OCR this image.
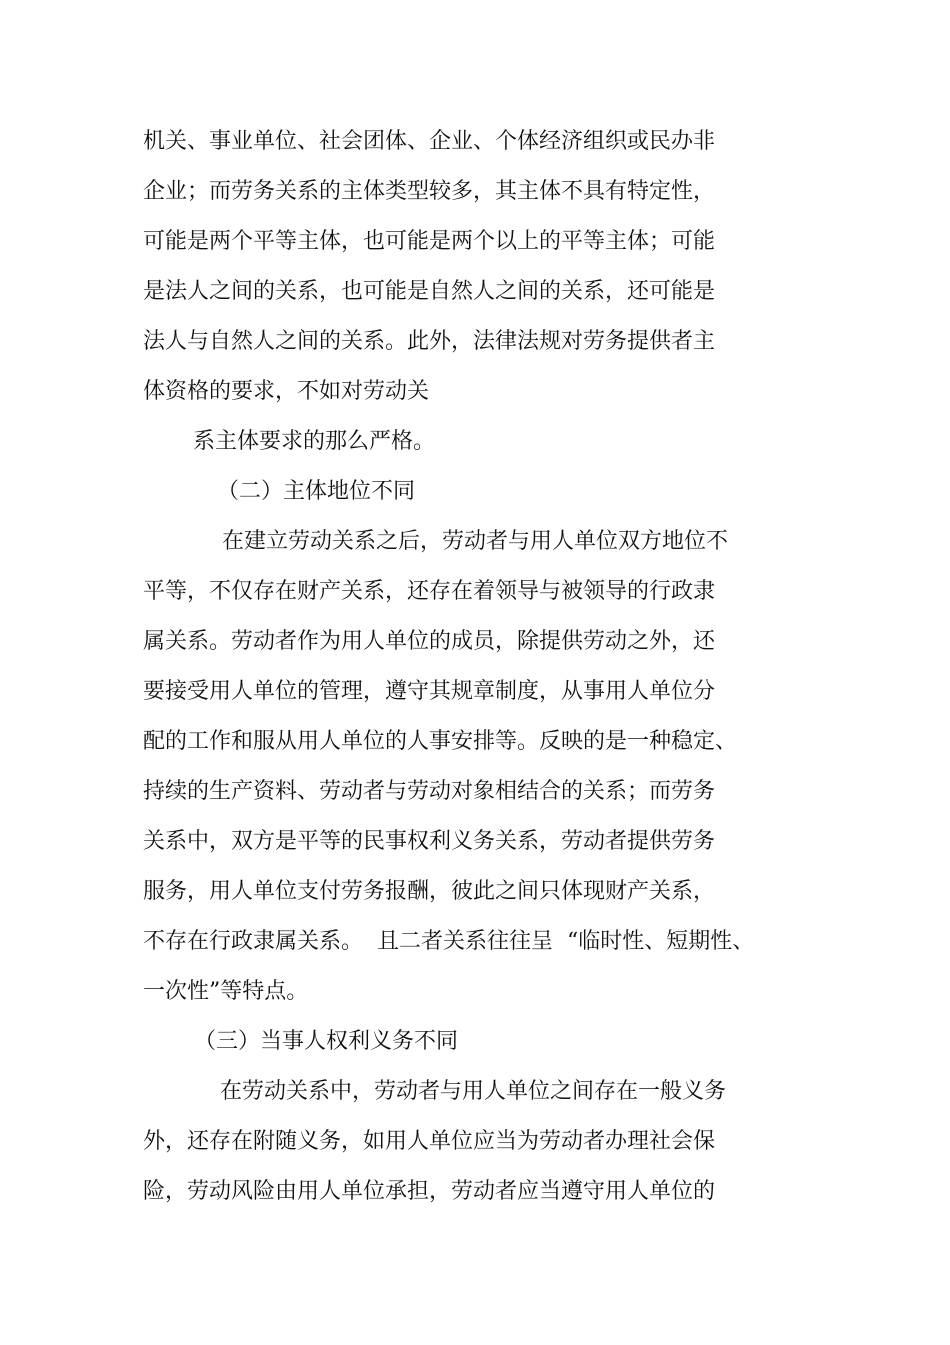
机关、事业单位、社会团体、企业、个体经济组织或民办非
企业；而劳务关系的主体类型较多，其主体不具有特定性，
可能是两个平等主体，也可能是两个以上的平等主体；可能
是法人之间的关系，也可能是自然人之间的关系，还可能是
法人与自然人之间的关系。此外，法律法规对劳务提供者主
体资格的要求，不如对劳动关
系主体要求的那么严格。
（二）主体地位不同
在建立劳动关系之后，劳动者与用人单位双方地位不
平等，不仅存在财产关系，还存在着领导与被领导的行政隶
属关系。劳动者作为用人单位的成员，除提供劳动之外，还
要接受用人单位的管理，遵守其规章制度，从事用人单位分
配的工作和服从用人单位的人事安排等。反映的是一种稳定、
持续的生产资料、劳动者与劳动对象相结合的关系；而劳务
关系中，双方是平等的民事权利义务关系，劳动者提供劳务
服务，用人单位支付劳务报酬，彼此之间只体现财产关系，
不存在行政隶属关系。  且二者关系往往呈  “临时性、短期性、
一次性”等特点。
（三）当事人权利义务不同
在劳动关系中，劳动者与用人单位之间存在一般义务
外，还存在附随义务，如用人单位应当为劳动者办理社会保
险，劳动风险由用人单位承担，劳动者应当遵守用人单位的
